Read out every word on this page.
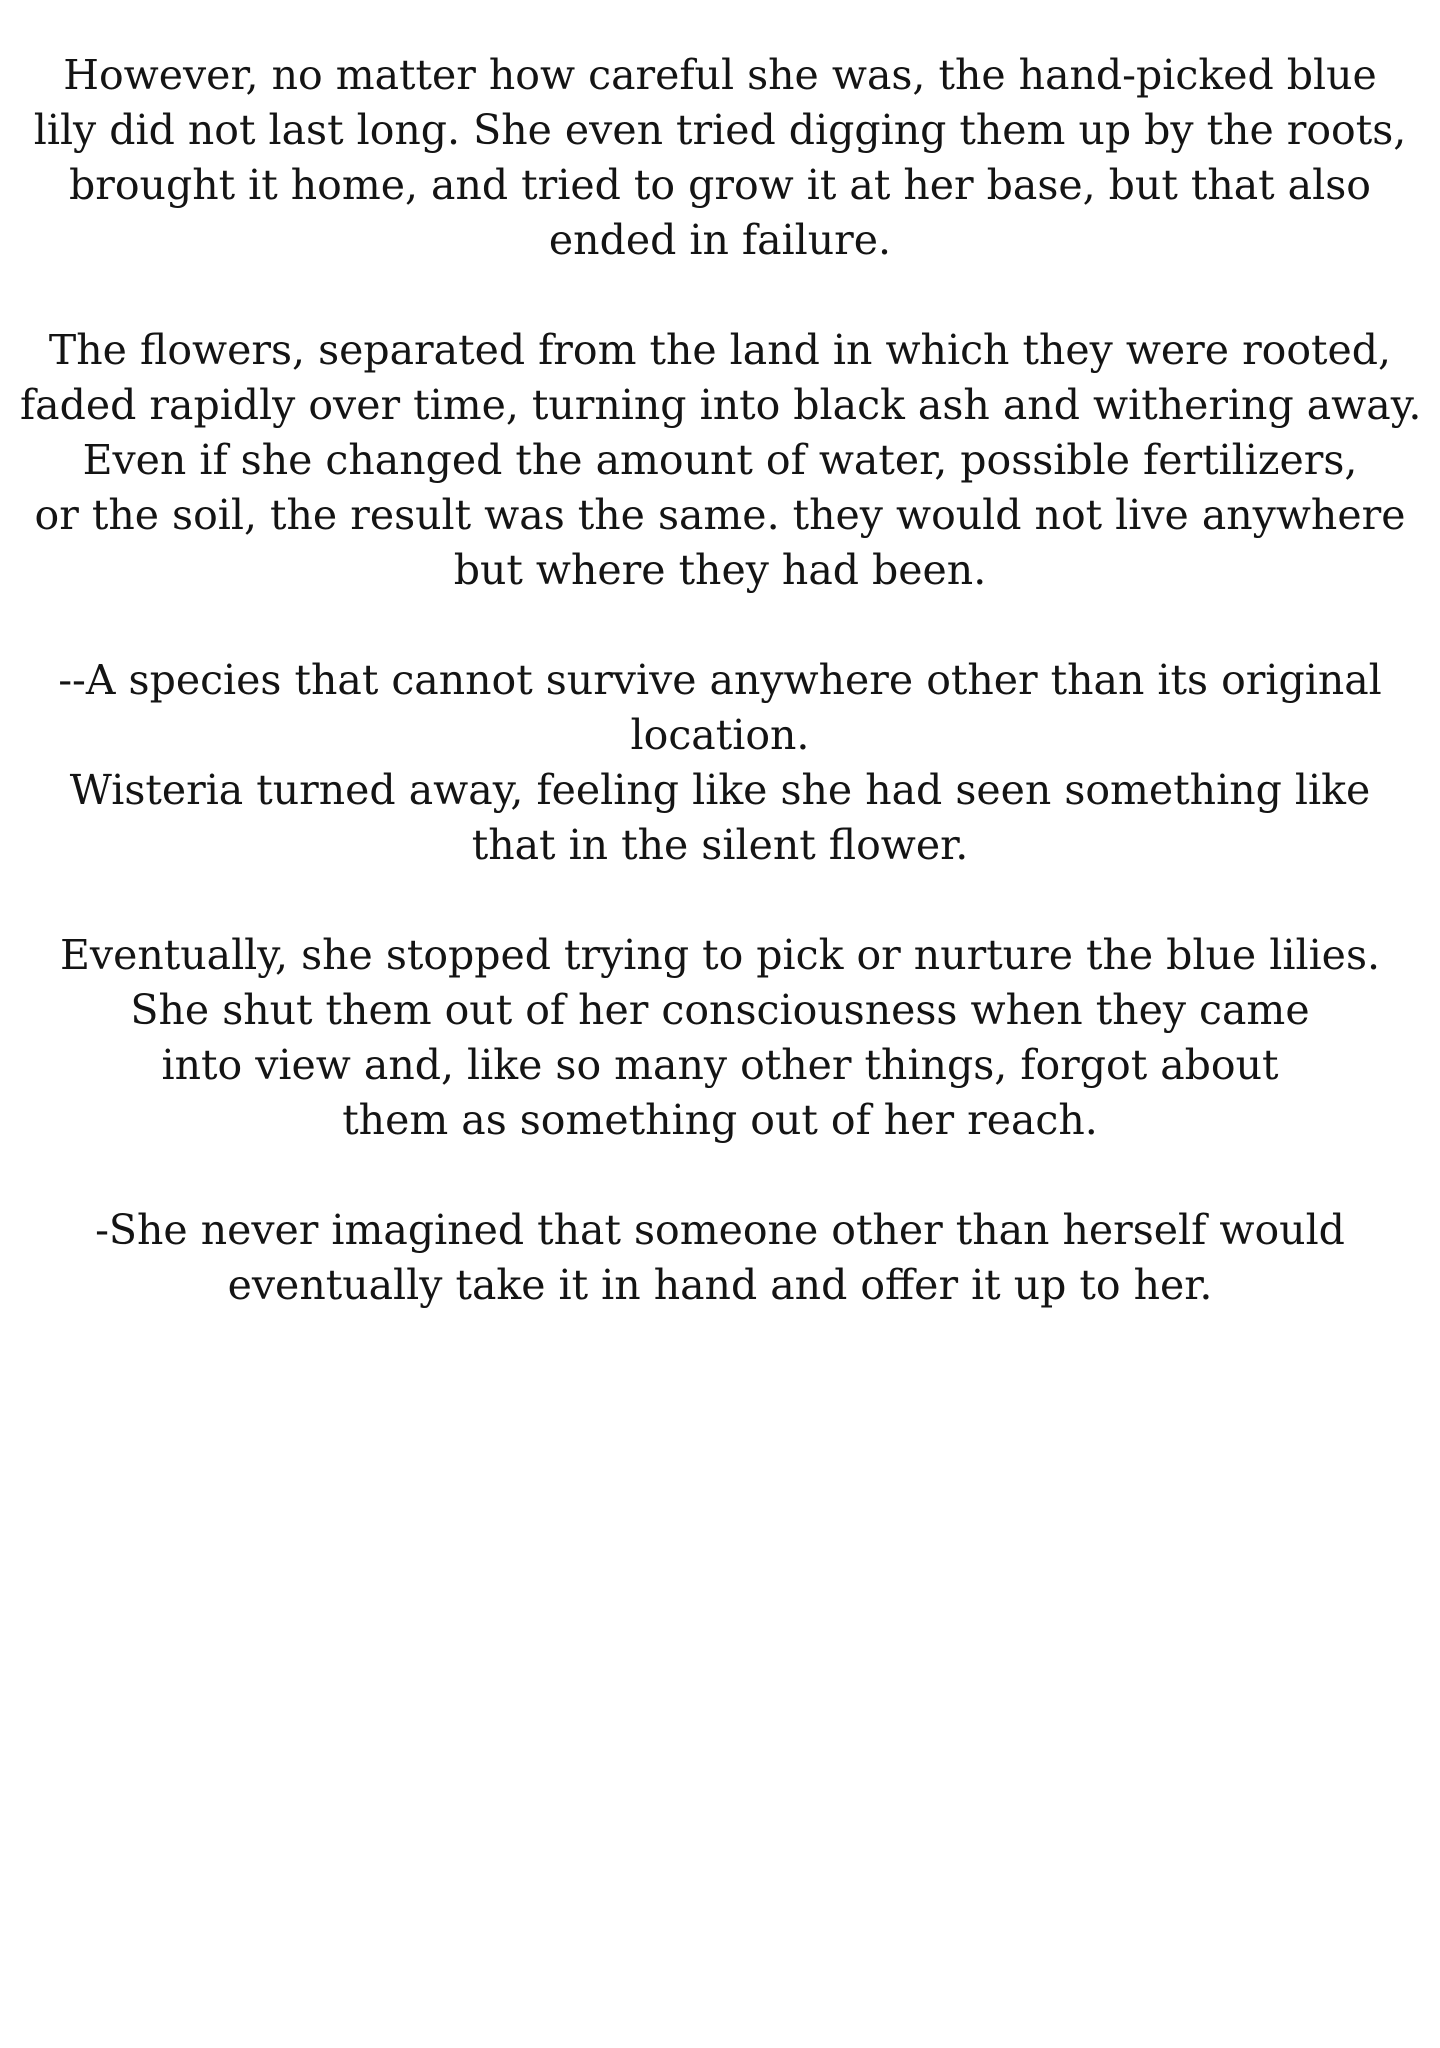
However, no matter how careful she was, the hand-picked blue
lily did not last long. She even tried digging them up by the roots,
brought it home, and tried to grow it at her base, but that also
ended in failure.

The flowers, separated from the land in which they were rooted,
faded rapidly over time, turning into black ash and withering away.
Even if she changed the amount of water, possible fertilizers,
or the soil, the result was the same. they would not live anywhere
but where they had been.

--A species that cannot survive anywhere other than its original
location.
Wisteria turned away, feeling like she had seen something like
that in the silent flower.

Eventually, she stopped trying to pick or nurture the blue lilies.
She shut them out of her consciousness when they came
into view and, like so many other things, forgot about
them as something out of her reach.

-She never imagined that someone other than herself would
eventually take it in hand and offer it up to her.
